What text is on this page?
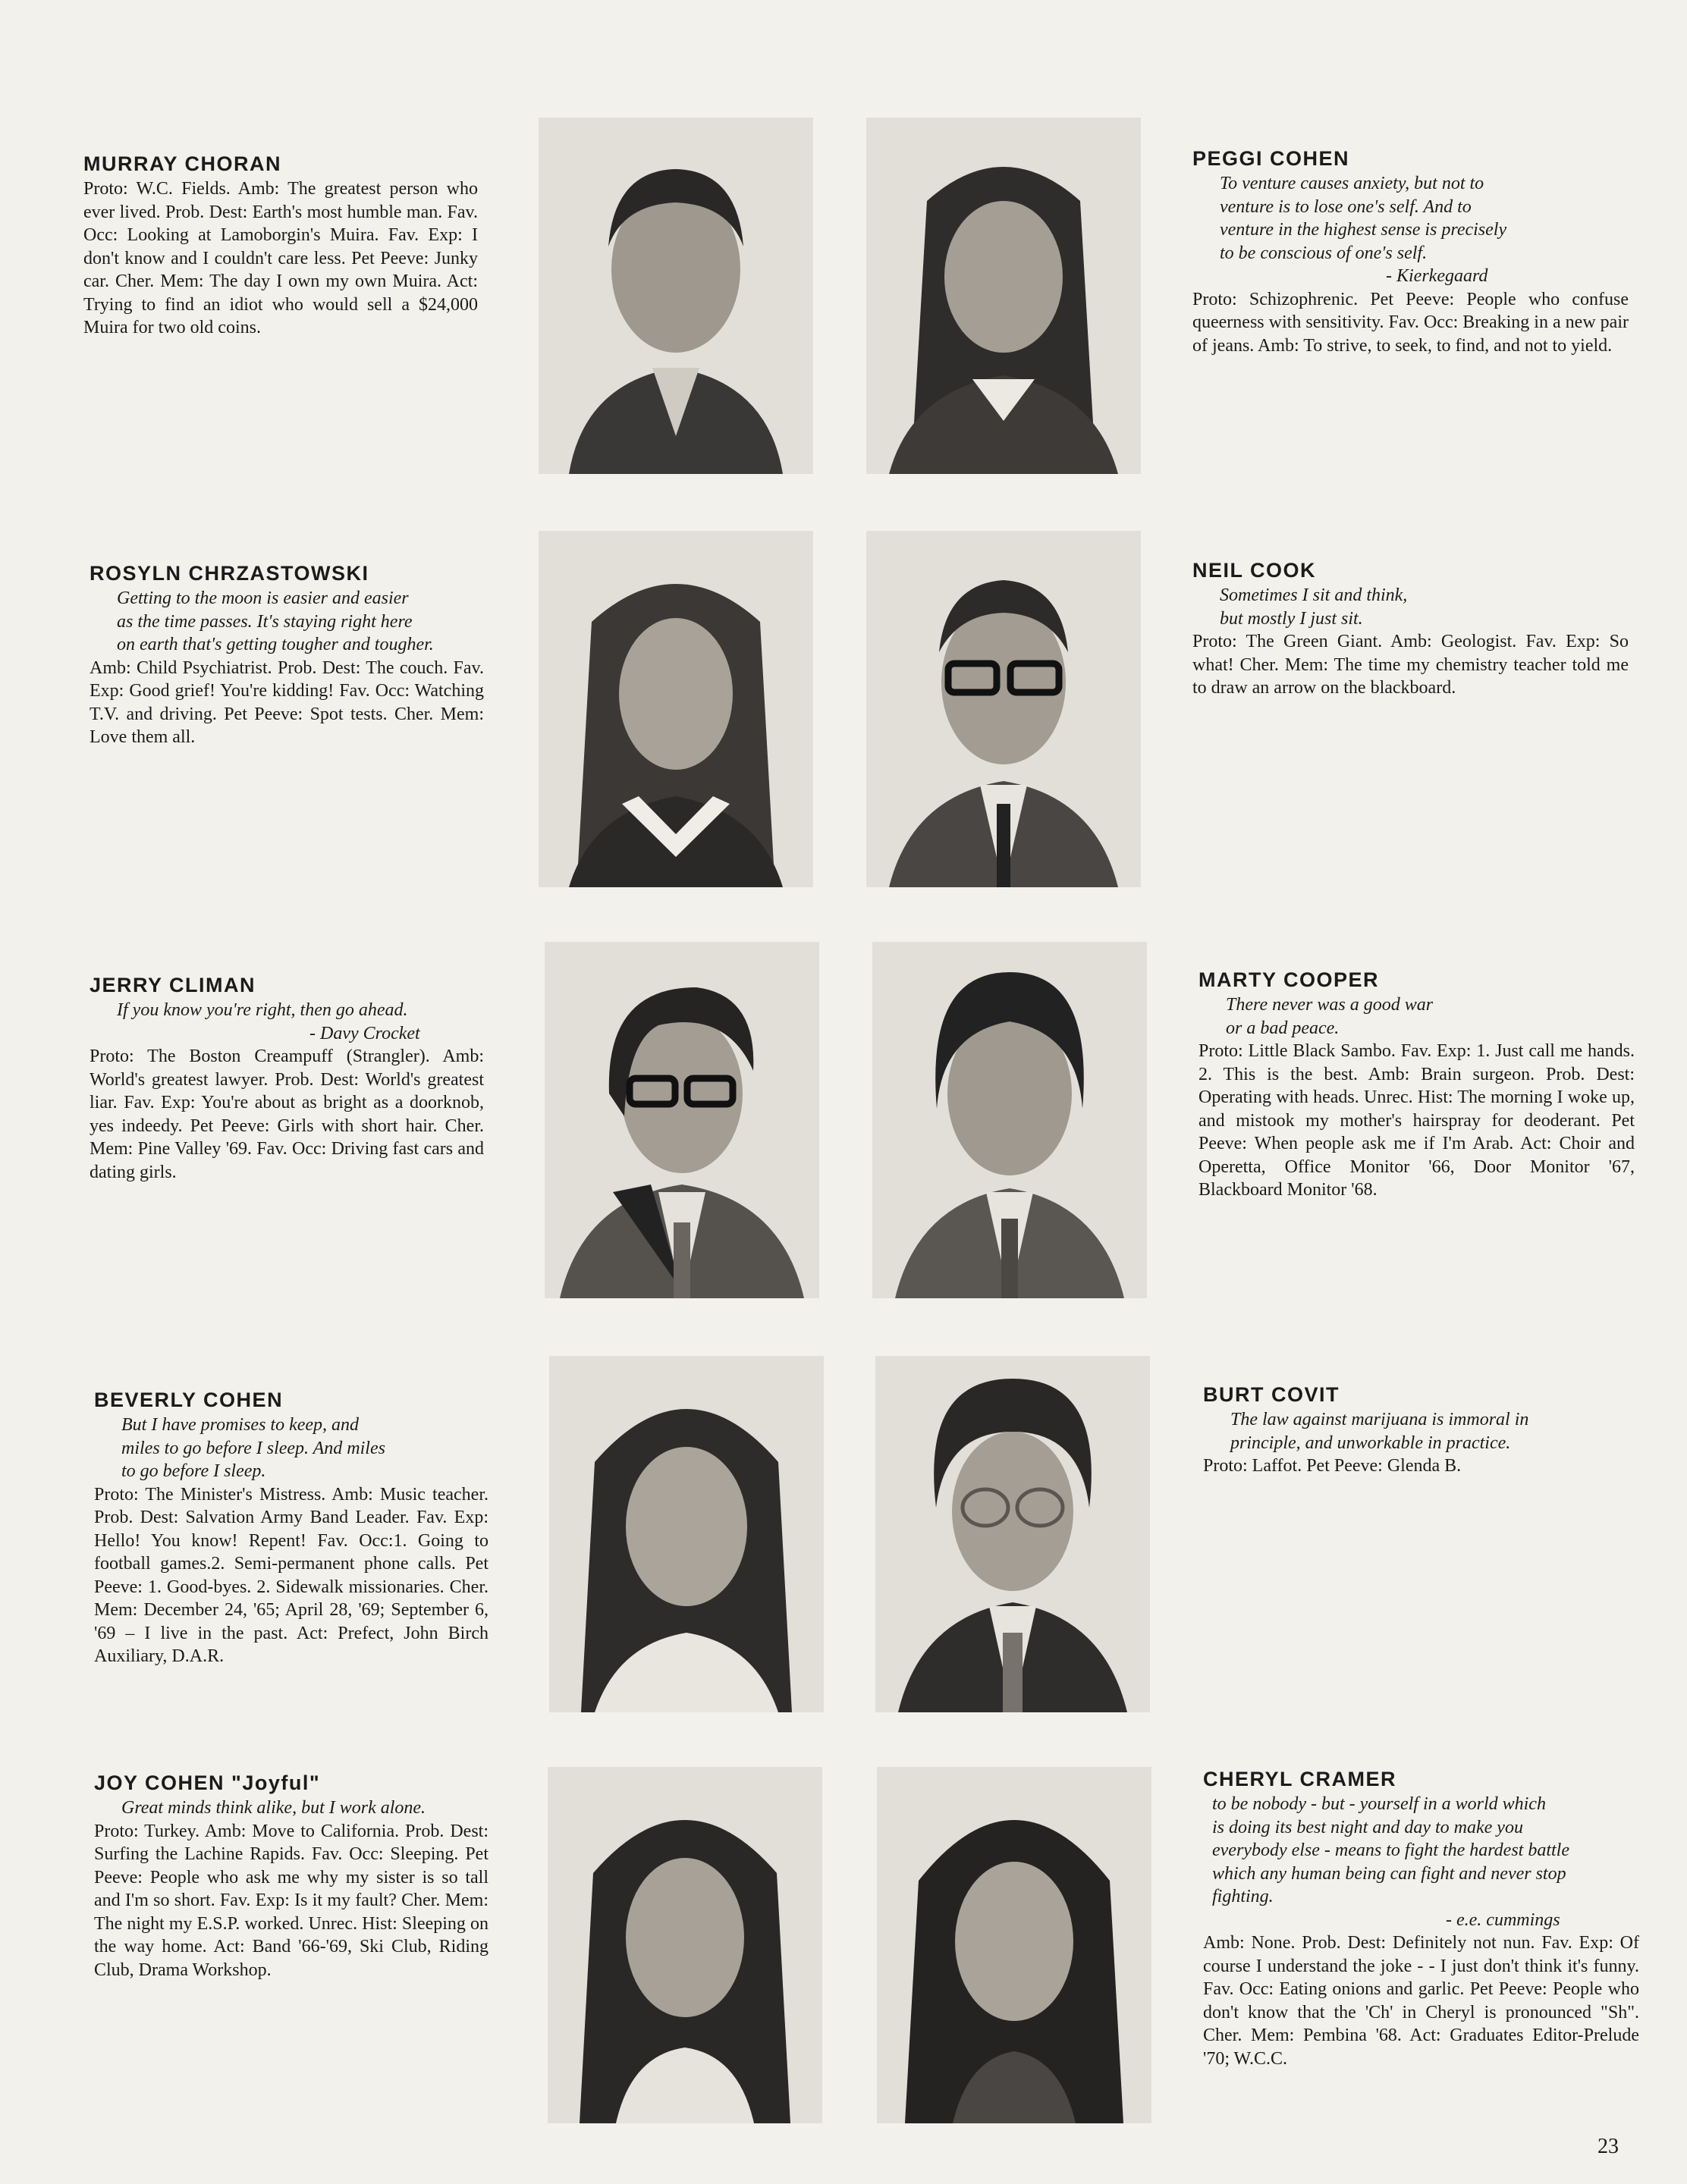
MURRAY CHORAN

Proto: W.C. Fields. Amb: The greatest person who ever lived. Prob. Dest: Earth's most humble man. Fav. Occ: Looking at Lamoborgin's Muira. Fav. Exp: I don't know and I couldn't care less. Pet Peeve: Junky car. Cher. Mem: The day I own my own Muira. Act: Trying to find an idiot who would sell a $24,000 Muira for two old coins.

PEGGI COHEN
To venture causes anxiety, but not to
venture is to lose one's self. And to
venture in the highest sense is precisely
to be conscious of one's self.
- Kierkegaard

Proto: Schizophrenic. Pet Peeve: People who confuse queerness with sensitivity. Fav. Occ: Breaking in a new pair of jeans. Amb: To strive, to seek, to find, and not to yield.

ROSYLN CHRZASTOWSKI
Getting to the moon is easier and easier
as the time passes. It's staying right here
on earth that's getting tougher and tougher.

Amb: Child Psychiatrist. Prob. Dest: The couch. Fav. Exp: Good grief! You're kidding! Fav. Occ: Watching T.V. and driving. Pet Peeve: Spot tests. Cher. Mem: Love them all.

NEIL COOK
Sometimes I sit and think,
but mostly I just sit.

Proto: The Green Giant. Amb: Geologist. Fav. Exp: So what! Cher. Mem: The time my chemistry teacher told me to draw an arrow on the blackboard.

JERRY CLIMAN
If you know you're right, then go ahead.
- Davy Crocket

Proto: The Boston Creampuff (Strangler). Amb: World's greatest lawyer. Prob. Dest: World's greatest liar. Fav. Exp: You're about as bright as a doorknob, yes indeedy. Pet Peeve: Girls with short hair. Cher. Mem: Pine Valley '69. Fav. Occ: Driving fast cars and dating girls.

MARTY COOPER
There never was a good war
or a bad peace.

Proto: Little Black Sambo. Fav. Exp: 1. Just call me hands. 2. This is the best. Amb: Brain surgeon. Prob. Dest: Operating with heads. Unrec. Hist: The morning I woke up, and mistook my mother's hairspray for deoderant. Pet Peeve: When people ask me if I'm Arab. Act: Choir and Operetta, Office Monitor '66, Door Monitor '67, Blackboard Monitor '68.

BEVERLY COHEN
But I have promises to keep, and
miles to go before I sleep. And miles
to go before I sleep.

Proto: The Minister's Mistress. Amb: Music teacher. Prob. Dest: Salvation Army Band Leader. Fav. Exp: Hello! You know! Repent! Fav. Occ:1. Going to football games.2. Semi-permanent phone calls. Pet Peeve: 1. Good-byes. 2. Sidewalk missionaries. Cher. Mem: December 24, '65; April 28, '69; September 6, '69 – I live in the past. Act: Prefect, John Birch Auxiliary, D.A.R.

BURT COVIT
The law against marijuana is immoral in
principle, and unworkable in practice.

Proto: Laffot. Pet Peeve: Glenda B.

JOY COHEN "Joyful"
Great minds think alike, but I work alone.

Proto: Turkey. Amb: Move to California. Prob. Dest: Surfing the Lachine Rapids. Fav. Occ: Sleeping. Pet Peeve: People who ask me why my sister is so tall and I'm so short. Fav. Exp: Is it my fault? Cher. Mem: The night my E.S.P. worked. Unrec. Hist: Sleeping on the way home. Act: Band '66-'69, Ski Club, Riding Club, Drama Workshop.

CHERYL CRAMER
to be nobody - but - yourself in a world which
is doing its best night and day to make you
everybody else - means to fight the hardest battle
which any human being can fight and never stop
fighting.
- e.e. cummings

Amb: None. Prob. Dest: Definitely not nun. Fav. Exp: Of course I understand the joke - - I just don't think it's funny. Fav. Occ: Eating onions and garlic. Pet Peeve: People who don't know that the 'Ch' in Cheryl is pronounced "Sh". Cher. Mem: Pembina '68. Act: Graduates Editor-Prelude '70; W.C.C.

23
